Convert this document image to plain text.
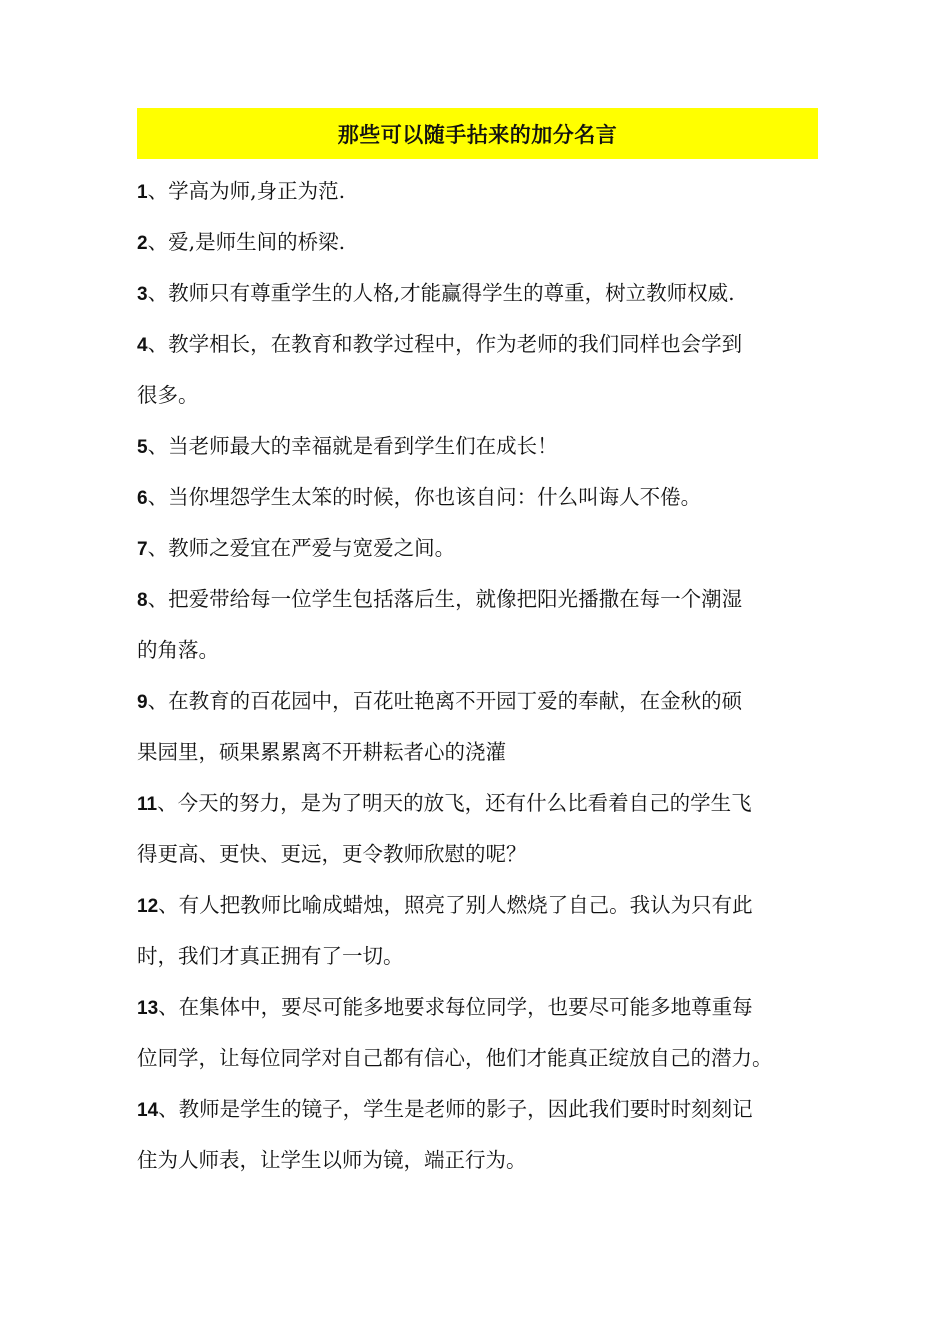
那些可以随手拈来的加分名言
1、学高为师,身正为范.
2、爱,是师生间的桥梁.
3、教师只有尊重学生的人格,才能赢得学生的尊重，树立教师权威.
4、教学相长，在教育和教学过程中，作为老师的我们同样也会学到
很多。
5、当老师最大的幸福就是看到学生们在成长！
6、当你埋怨学生太笨的时候，你也该自问：什么叫诲人不倦。
7、教师之爱宜在严爱与宽爱之间。
8、把爱带给每一位学生包括落后生，就像把阳光播撒在每一个潮湿
的角落。
9、在教育的百花园中，百花吐艳离不开园丁爱的奉献，在金秋的硕
果园里，硕果累累离不开耕耘者心的浇灌
11、今天的努力，是为了明天的放飞，还有什么比看着自己的学生飞
得更高、更快、更远，更令教师欣慰的呢？
12、有人把教师比喻成蜡烛，照亮了别人燃烧了自己。我认为只有此
时，我们才真正拥有了一切。
13、在集体中，要尽可能多地要求每位同学，也要尽可能多地尊重每
位同学，让每位同学对自己都有信心，他们才能真正绽放自己的潜力。
14、教师是学生的镜子，学生是老师的影子，因此我们要时时刻刻记
住为人师表，让学生以师为镜，端正行为。
